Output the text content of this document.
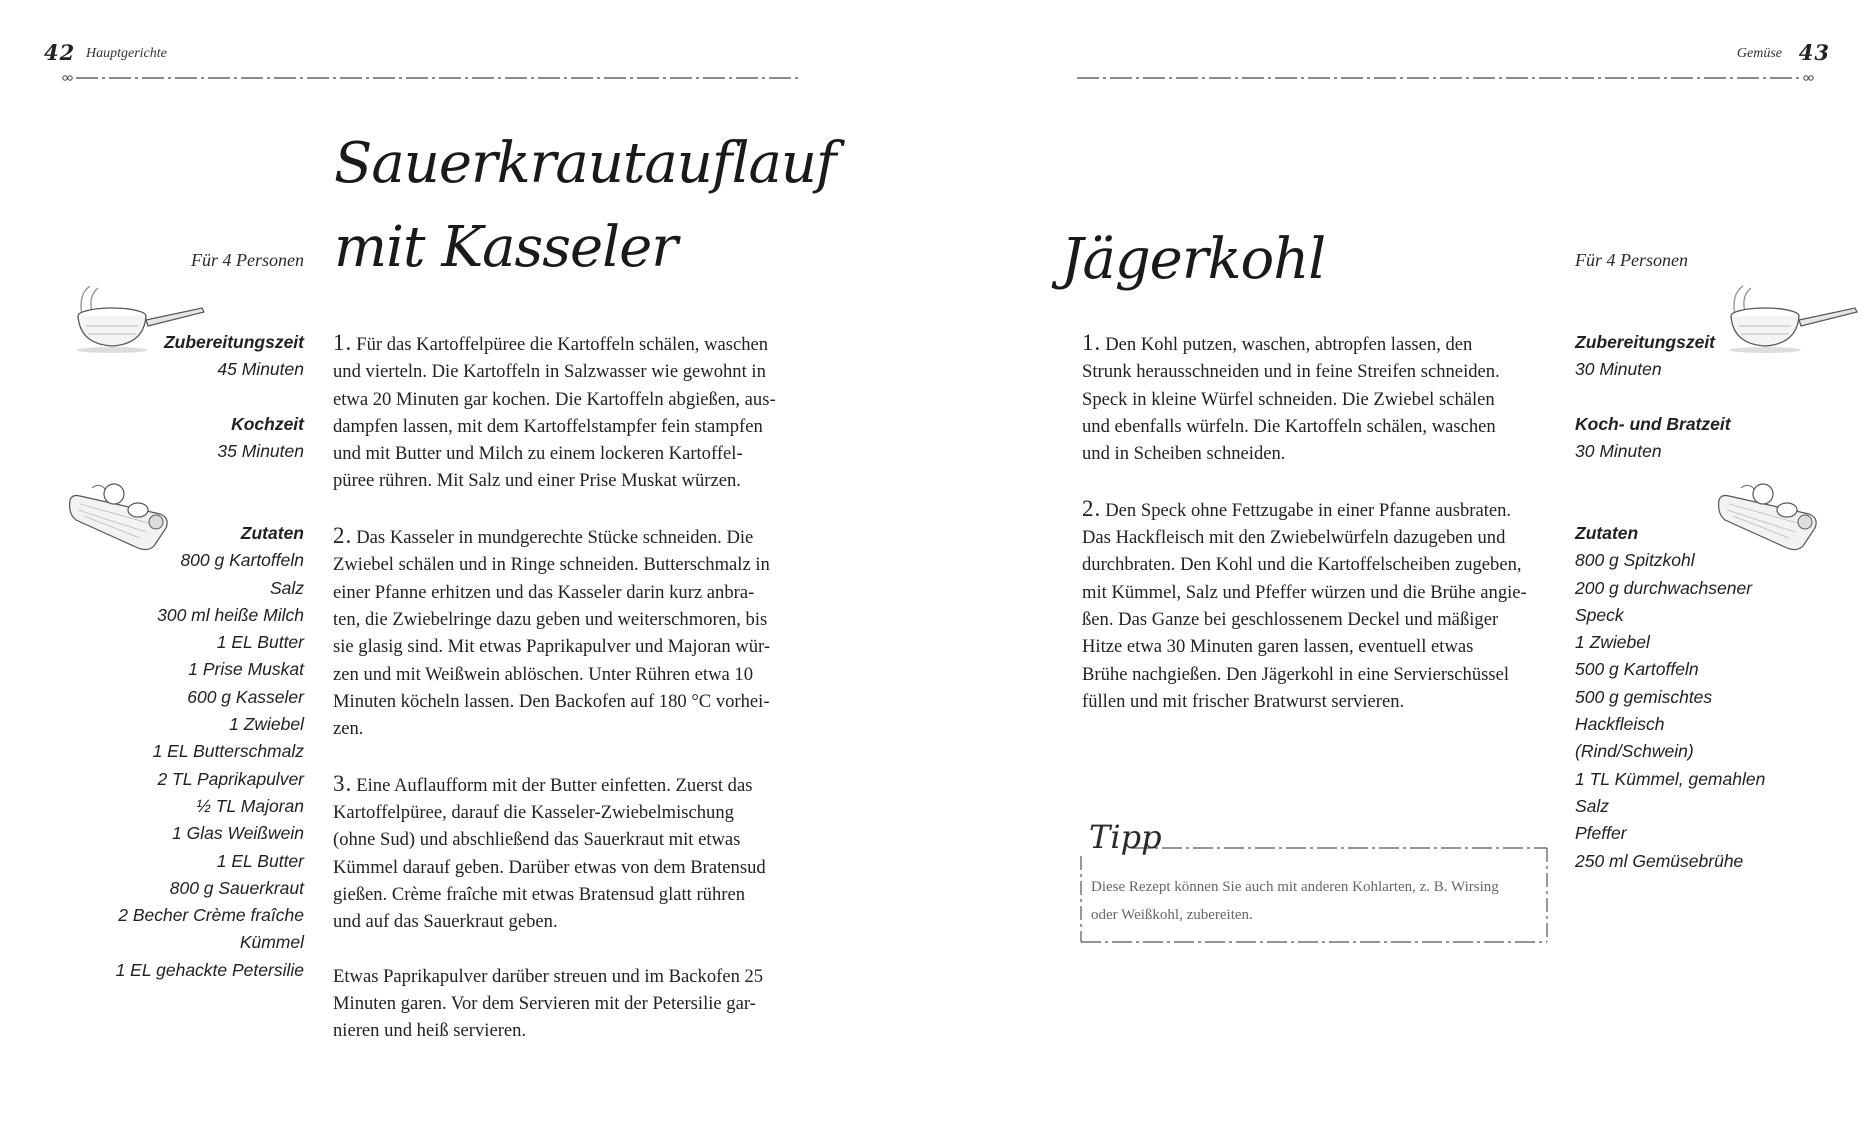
42 Hauptgerichte
Sauerkrautauflauf
mit Kasseler
Für 4 Personen
Zubereitungszeit
45 Minuten
Kochzeit
35 Minuten
Zutaten
800 g Kartoffeln
Salz
300 ml heiße Milch
1 EL Butter
1 Prise Muskat
600 g Kasseler
1 Zwiebel
1 EL Butterschmalz
2 TL Paprikapulver
½ TL Majoran
1 Glas Weißwein
1 EL Butter
800 g Sauerkraut
2 Becher Crème fraîche
Kümmel
1 EL gehackte Petersilie
1. Für das Kartoffelpüree die Kartoffeln schälen, waschen
und vierteln. Die Kartoffeln in Salzwasser wie gewohnt in
etwa 20 Minuten gar kochen. Die Kartoffeln abgießen, aus-
dampfen lassen, mit dem Kartoffelstampfer fein stampfen
und mit Butter und Milch zu einem lockeren Kartoffel-
püree rühren. Mit Salz und einer Prise Muskat würzen.
2. Das Kasseler in mundgerechte Stücke schneiden. Die
Zwiebel schälen und in Ringe schneiden. Butterschmalz in
einer Pfanne erhitzen und das Kasseler darin kurz anbra-
ten, die Zwiebelringe dazu geben und weiterschmoren, bis
sie glasig sind. Mit etwas Paprikapulver und Majoran wür-
zen und mit Weißwein ablöschen. Unter Rühren etwa 10
Minuten köcheln lassen. Den Backofen auf 180 °C vorhei-
zen.
3. Eine Auflaufform mit der Butter einfetten. Zuerst das
Kartoffelpüree, darauf die Kasseler-Zwiebelmischung
(ohne Sud) und abschließend das Sauerkraut mit etwas
Kümmel darauf geben. Darüber etwas von dem Bratensud
gießen. Crème fraîche mit etwas Bratensud glatt rühren
und auf das Sauerkraut geben.
Etwas Paprikapulver darüber streuen und im Backofen 25
Minuten garen. Vor dem Servieren mit der Petersilie gar-
nieren und heiß servieren.
Gemüse 43
Jägerkohl	Für 4 Personen
Zubereitungszeit
30 Minuten
Koch- und Bratzeit
30 Minuten
Zutaten
800 g Spitzkohl
200 g durchwachsener
Speck
1 Zwiebel
500 g Kartoffeln
500 g gemischtes
Hackfleisch
(Rind/Schwein)
1 TL Kümmel, gemahlen
Salz
Pfeffer
250 ml Gemüsebrühe
1. Den Kohl putzen, waschen, abtropfen lassen, den
Strunk herausschneiden und in feine Streifen schneiden.
Speck in kleine Würfel schneiden. Die Zwiebel schälen
und ebenfalls würfeln. Die Kartoffeln schälen, waschen
und in Scheiben schneiden.
2. Den Speck ohne Fettzugabe in einer Pfanne ausbraten.
Das Hackfleisch mit den Zwiebelwürfeln dazugeben und
durchbraten. Den Kohl und die Kartoffelscheiben zugeben,
mit Kümmel, Salz und Pfeffer würzen und die Brühe angie-
ßen. Das Ganze bei geschlossenem Deckel und mäßiger
Hitze etwa 30 Minuten garen lassen, eventuell etwas
Brühe nachgießen. Den Jägerkohl in eine Servierschüssel
füllen und mit frischer Bratwurst servieren.
Tipp
Diese Rezept können Sie auch mit anderen Kohlarten, z. B. Wirsing
oder Weißkohl, zubereiten.
